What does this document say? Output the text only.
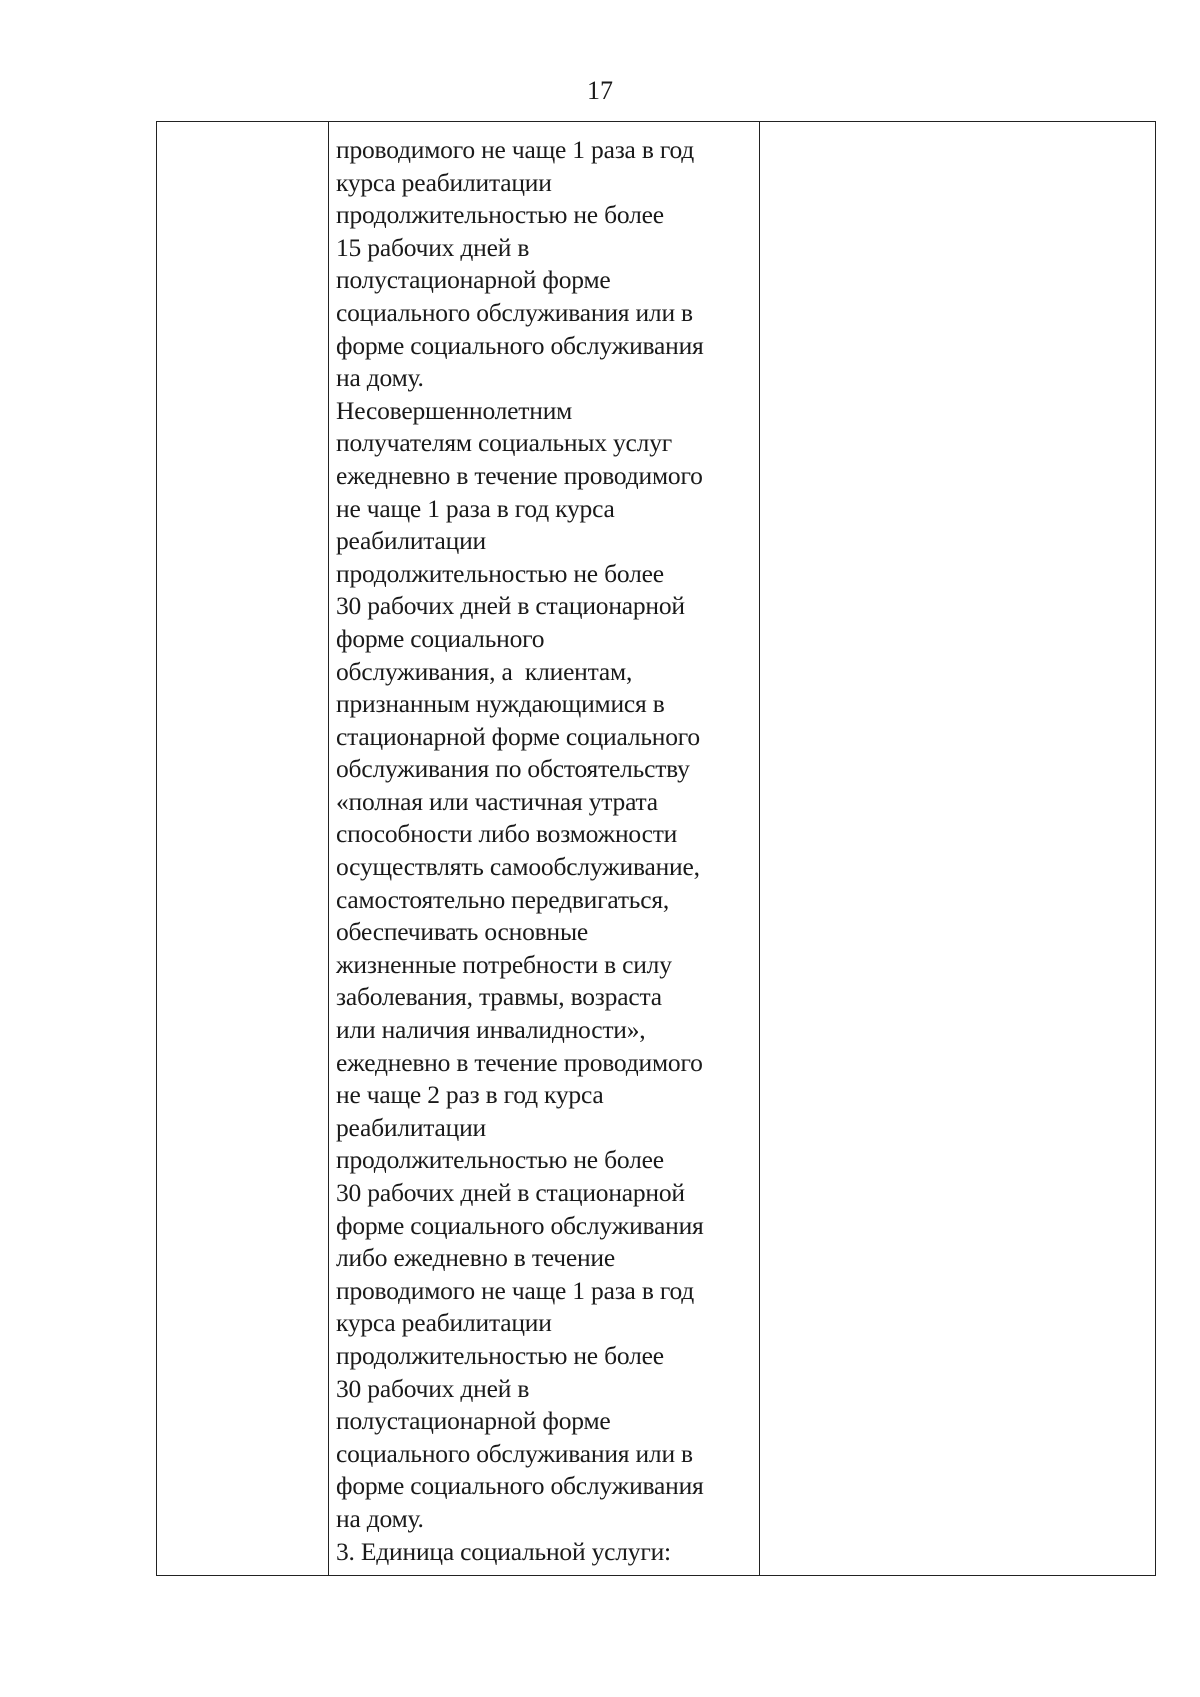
17

проводимого не чаще 1 раза в год

курса реабилитации

продолжительностью не более

15 рабочих дней в

полустационарной форме

социального обслуживания или в

форме социального обслуживания

на дому.

Несовершеннолетним

получателям социальных услуг

ежедневно в течение проводимого

не чаще 1 раза в год курса

реабилитации

продолжительностью не более

30 рабочих дней в стационарной

форме социального

обслуживания, а  клиентам,

признанным нуждающимися в

стационарной форме социального

обслуживания по обстоятельству

«полная или частичная утрата

способности либо возможности

осуществлять самообслуживание,

самостоятельно передвигаться,

обеспечивать основные

жизненные потребности в силу

заболевания, травмы, возраста

или наличия инвалидности»,

ежедневно в течение проводимого

не чаще 2 раз в год курса

реабилитации

продолжительностью не более

30 рабочих дней в стационарной

форме социального обслуживания

либо ежедневно в течение

проводимого не чаще 1 раза в год

курса реабилитации

продолжительностью не более

30 рабочих дней в

полустационарной форме

социального обслуживания или в

форме социального обслуживания

на дому.

3. Единица социальной услуги:
